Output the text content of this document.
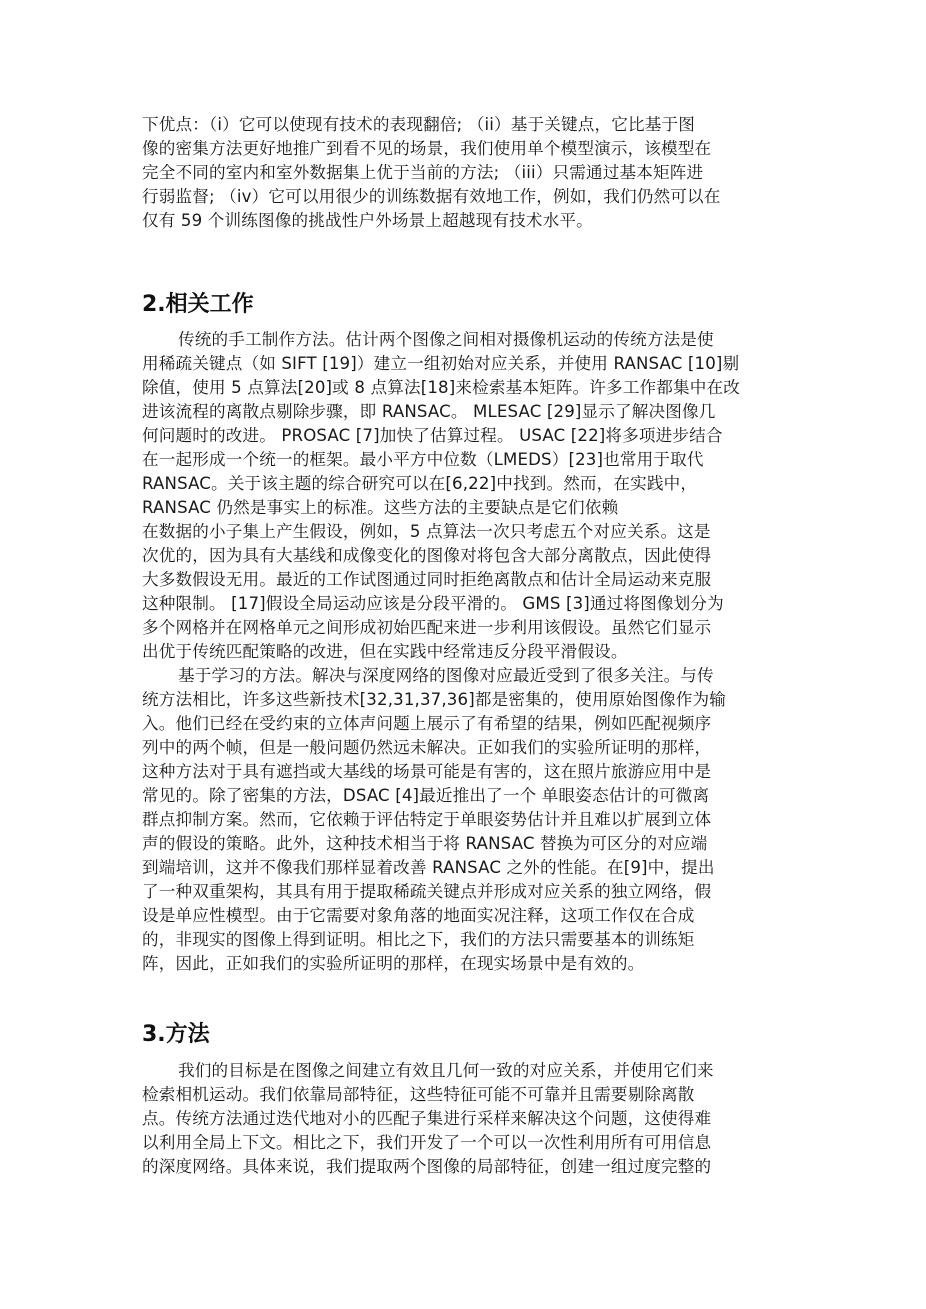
下优点：（i）它可以使现有技术的表现翻倍; （ii）基于关键点，它比基于图
像的密集方法更好地推广到看不见的场景，我们使用单个模型演示，该模型在
完全不同的室内和室外数据集上优于当前的方法; （iii）只需通过基本矩阵进
行弱监督; （iv）它可以用很少的训练数据有效地工作，例如，我们仍然可以在
仅有 59 个训练图像的挑战性户外场景上超越现有技术水平。
2.相关工作
传统的手工制作方法。估计两个图像之间相对摄像机运动的传统方法是使
用稀疏关键点（如 SIFT [19]）建立一组初始对应关系，并使用 RANSAC [10]剔
除值，使用 5 点算法[20]或 8 点算法[18]来检索基本矩阵。许多工作都集中在改
进该流程的离散点剔除步骤，即 RANSAC。 MLESAC [29]显示了解决图像几
何问题时的改进。 PROSAC [7]加快了估算过程。 USAC [22]将多项进步结合
在一起形成一个统一的框架。最小平方中位数（LMEDS）[23]也常用于取代
RANSAC。关于该主题的综合研究可以在[6,22]中找到。然而，在实践中，
RANSAC 仍然是事实上的标准。这些方法的主要缺点是它们依赖
在数据的小子集上产生假设，例如，5 点算法一次只考虑五个对应关系。这是
次优的，因为具有大基线和成像变化的图像对将包含大部分离散点，因此使得
大多数假设无用。最近的工作试图通过同时拒绝离散点和估计全局运动来克服
这种限制。 [17]假设全局运动应该是分段平滑的。 GMS [3]通过将图像划分为
多个网格并在网格单元之间形成初始匹配来进一步利用该假设。虽然它们显示
出优于传统匹配策略的改进，但在实践中经常违反分段平滑假设。
基于学习的方法。解决与深度网络的图像对应最近受到了很多关注。与传
统方法相比，许多这些新技术[32,31,37,36]都是密集的，使用原始图像作为输
入。他们已经在受约束的立体声问题上展示了有希望的结果，例如匹配视频序
列中的两个帧，但是一般问题仍然远未解决。正如我们的实验所证明的那样，
这种方法对于具有遮挡或大基线的场景可能是有害的，这在照片旅游应用中是
常见的。除了密集的方法，DSAC [4]最近推出了一个 单眼姿态估计的可微离
群点抑制方案。然而，它依赖于评估特定于单眼姿势估计并且难以扩展到立体
声的假设的策略。此外，这种技术相当于将 RANSAC 替换为可区分的对应端
到端培训，这并不像我们那样显着改善 RANSAC 之外的性能。在[9]中，提出
了一种双重架构，其具有用于提取稀疏关键点并形成对应关系的独立网络，假
设是单应性模型。由于它需要对象角落的地面实况注释，这项工作仅在合成
的，非现实的图像上得到证明。相比之下，我们的方法只需要基本的训练矩
阵，因此，正如我们的实验所证明的那样，在现实场景中是有效的。
3.方法
我们的目标是在图像之间建立有效且几何一致的对应关系，并使用它们来
检索相机运动。我们依靠局部特征，这些特征可能不可靠并且需要剔除离散
点。传统方法通过迭代地对小的匹配子集进行采样来解决这个问题，这使得难
以利用全局上下文。相比之下，我们开发了一个可以一次性利用所有可用信息
的深度网络。具体来说，我们提取两个图像的局部特征，创建一组过度完整的
